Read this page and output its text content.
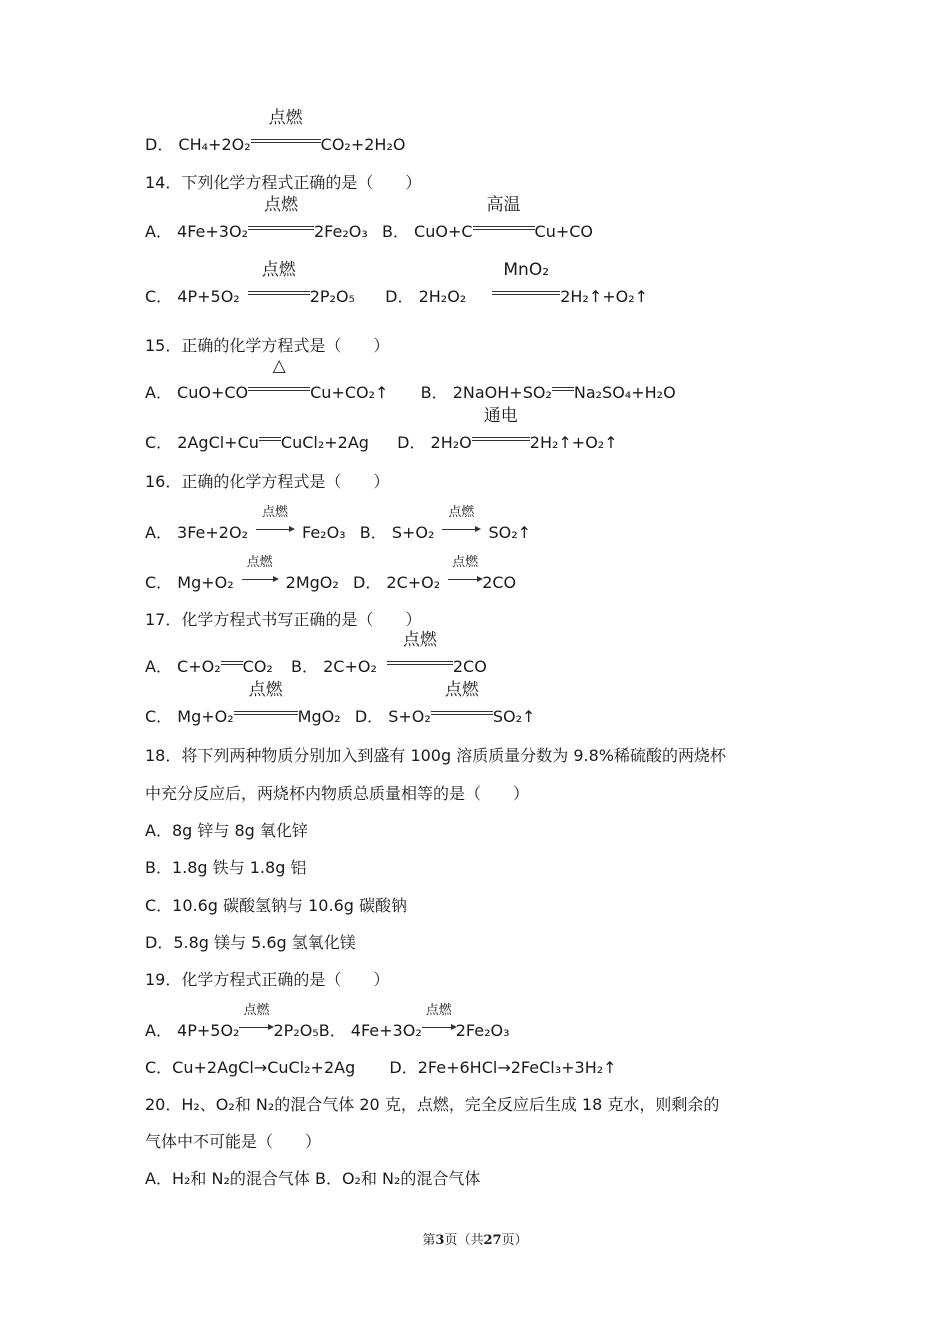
D． CH₄+2O₂
点燃
CO₂+2H₂O
14．下列化学方程式正确的是（　　）
A． 4Fe+3O₂
点燃
2Fe₂O₃ B． CuO+C
高温
Cu+CO
C． 4P+5O₂
点燃
2P₂O₅ D． 2H₂O₂
MnO₂
2H₂↑+O₂↑
15．正确的化学方程式是（　　）
A． CuO+CO
△
Cu+CO₂↑ B． 2NaOH+SO₂ Na₂SO₄+H₂O
C． 2AgCl+Cu CuCl₂+2Ag D． 2H₂O
通电
2H₂↑+O₂↑
16．正确的化学方程式是（　　）
A． 3Fe+2O₂
点燃
Fe₂O₃ B． S+O₂
点燃
SO₂↑
C． Mg+O₂
点燃
2MgO₂ D． 2C+O₂
点燃
2CO
17．化学方程式书写正确的是（　　）
A． C+O₂ CO₂ B． 2C+O₂
点燃
2CO
C． Mg+O₂
点燃
MgO₂ D． S+O₂
点燃
SO₂↑
18．将下列两种物质分别加入到盛有 100g 溶质质量分数为 9.8%稀硫酸的两烧杯
中充分反应后，两烧杯内物质总质量相等的是（　　）
A．8g 锌与 8g 氧化锌
B．1.8g 铁与 1.8g 铝
C．10.6g 碳酸氢钠与 10.6g 碳酸钠
D．5.8g 镁与 5.6g 氢氧化镁
19．化学方程式正确的是（　　）
A． 4P+5O₂
点燃
2P₂O₅B． 4Fe+3O₂
点燃
2Fe₂O₃
C．Cu+2AgCl→CuCl₂+2Ag D．2Fe+6HCl→2FeCl₃+3H₂↑
20．H₂、O₂和 N₂的混合气体 20 克，点燃，完全反应后生成 18 克水，则剩余的
气体中不可能是（　　）
A．H₂和 N₂的混合气体 B．O₂和 N₂的混合气体
第3页（共27页）
